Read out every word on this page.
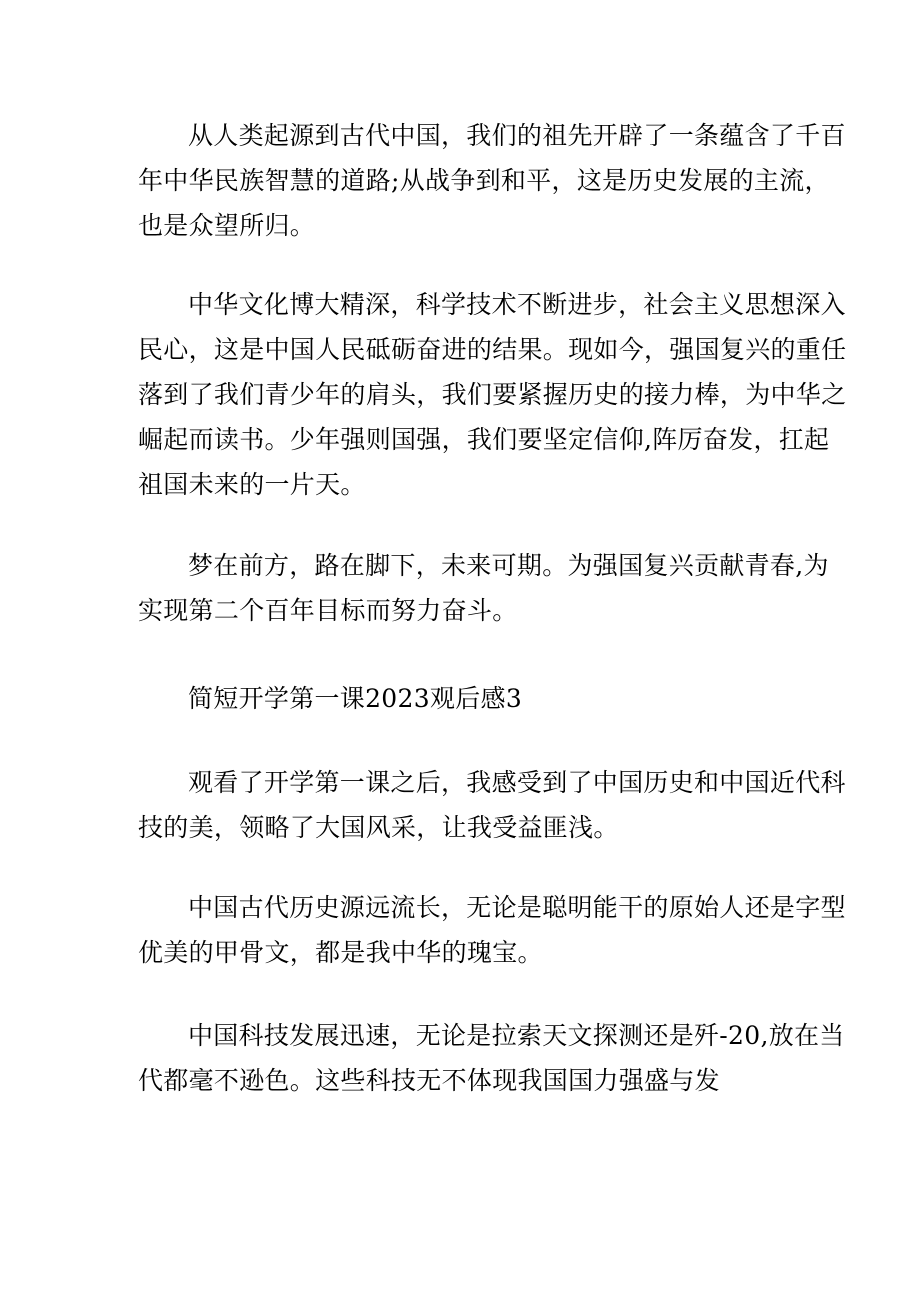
从人类起源到古代中国，我们的祖先开辟了一条蕴含了千百
年中华民族智慧的道路;从战争到和平，这是历史发展的主流，
也是众望所归。
中华文化博大精深，科学技术不断进步，社会主义思想深入
民心，这是中国人民砥砺奋进的结果。现如今，强国复兴的重任
落到了我们青少年的肩头，我们要紧握历史的接力棒，为中华之
崛起而读书。少年强则国强，我们要坚定信仰,阵厉奋发，扛起
祖国未来的一片天。
梦在前方，路在脚下，未来可期。为强国复兴贡献青春,为
实现第二个百年目标而努力奋斗。
简短开学第一课2023观后感3
观看了开学第一课之后，我感受到了中国历史和中国近代科
技的美，领略了大国风采，让我受益匪浅。
中国古代历史源远流长，无论是聪明能干的原始人还是字型
优美的甲骨文，都是我中华的瑰宝。
中国科技发展迅速，无论是拉索天文探测还是歼-20,放在当
代都毫不逊色。这些科技无不体现我国国力强盛与发
